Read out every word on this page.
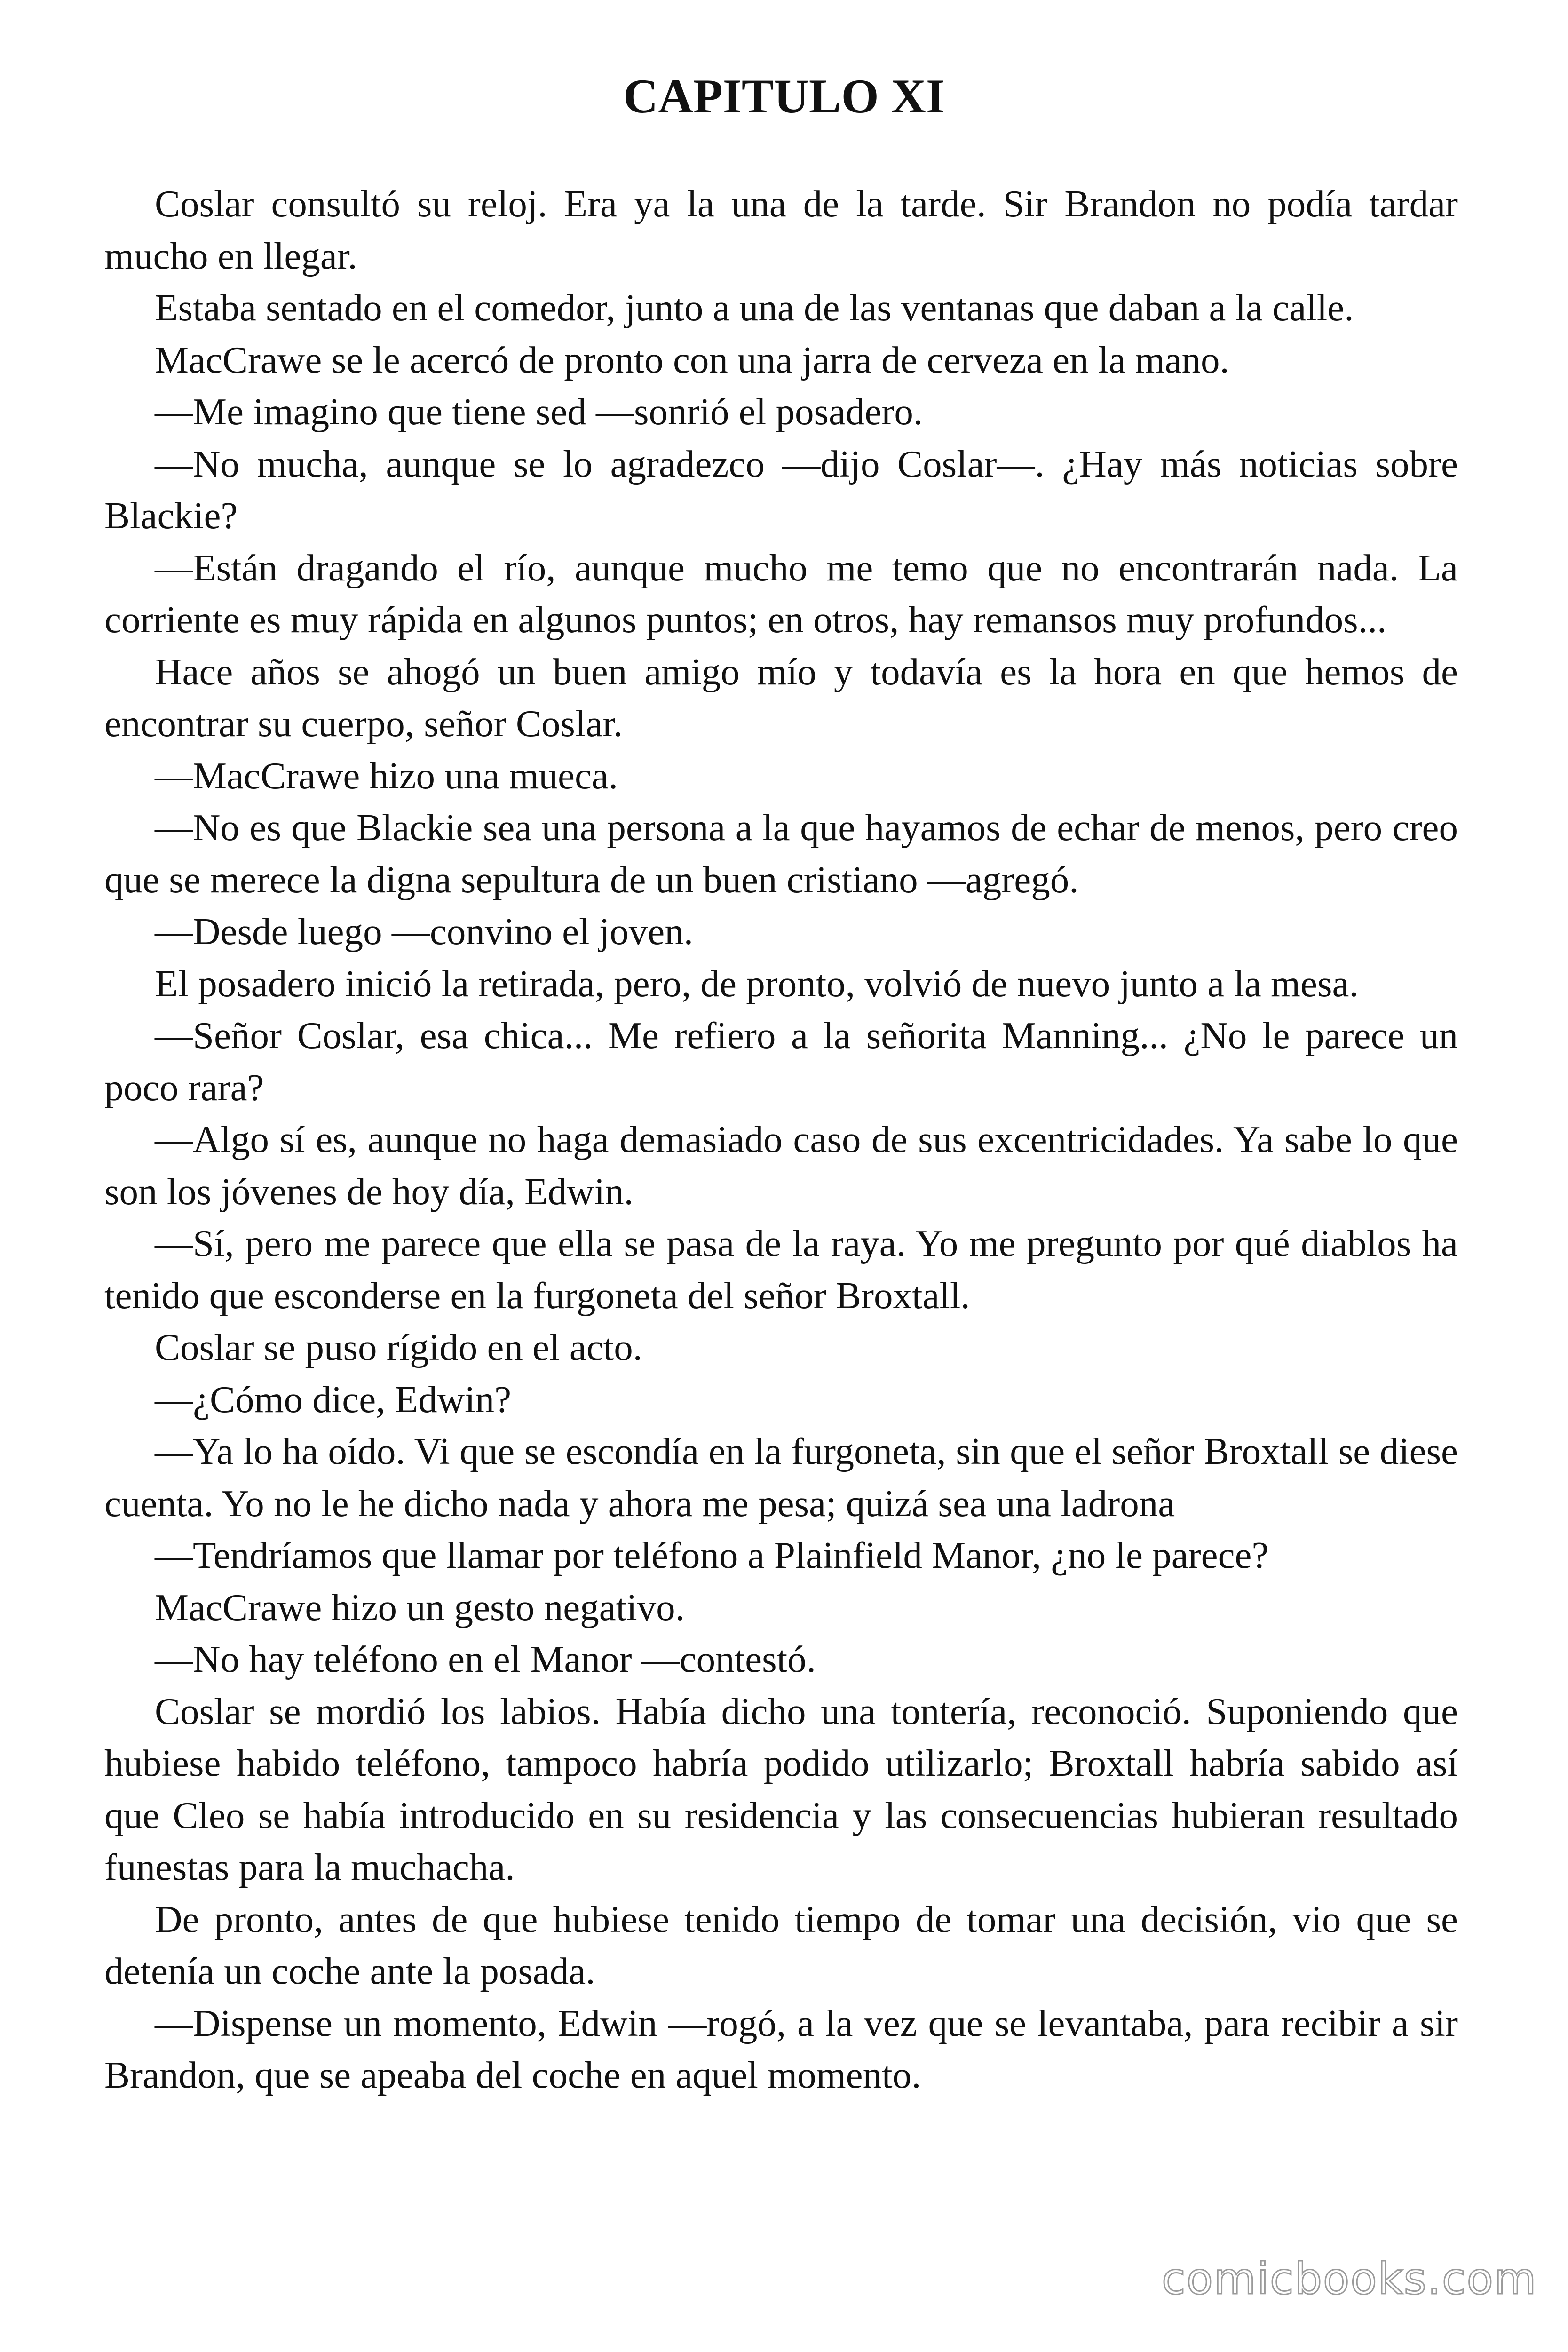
CAPITULO XI

Coslar consultó su reloj. Era ya la una de la tarde. Sir Brandon no podía tardar mucho en llegar.

Estaba sentado en el comedor, junto a una de las ventanas que daban a la calle.

MacCrawe se le acercó de pronto con una jarra de cerveza en la mano.

—Me imagino que tiene sed —sonrió el posadero.

—No mucha, aunque se lo agradezco —dijo Coslar—. ¿Hay más noticias sobre Blackie?

—Están dragando el río, aunque mucho me temo que no encontrarán nada. La corriente es muy rápida en algunos puntos; en otros, hay remansos muy profundos...

Hace años se ahogó un buen amigo mío y todavía es la hora en que hemos de encontrar su cuerpo, señor Coslar.

—MacCrawe hizo una mueca.

—No es que Blackie sea una persona a la que hayamos de echar de menos, pero creo que se merece la digna sepultura de un buen cristiano —agregó.

—Desde luego —convino el joven.

El posadero inició la retirada, pero, de pronto, volvió de nuevo junto a la mesa.

—Señor Coslar, esa chica... Me refiero a la señorita Manning... ¿No le parece un poco rara?

—Algo sí es, aunque no haga demasiado caso de sus excentricidades. Ya sabe lo que son los jóvenes de hoy día, Edwin.

—Sí, pero me parece que ella se pasa de la raya. Yo me pregunto por qué diablos ha tenido que esconderse en la furgoneta del señor Broxtall.

Coslar se puso rígido en el acto.

—¿Cómo dice, Edwin?

—Ya lo ha oído. Vi que se escondía en la furgoneta, sin que el señor Broxtall se diese cuenta. Yo no le he dicho nada y ahora me pesa; quizá sea una ladrona

—Tendríamos que llamar por teléfono a Plainfield Manor, ¿no le parece?

MacCrawe hizo un gesto negativo.

—No hay teléfono en el Manor —contestó.

Coslar se mordió los labios. Había dicho una tontería, reconoció. Suponiendo que hubiese habido teléfono, tampoco habría podido utilizarlo; Broxtall habría sabido así que Cleo se había introducido en su residencia y las consecuencias hubieran resultado funestas para la muchacha.

De pronto, antes de que hubiese tenido tiempo de tomar una decisión, vio que se detenía un coche ante la posada.

—Dispense un momento, Edwin —rogó, a la vez que se levantaba, para recibir a sir Brandon, que se apeaba del coche en aquel momento.

comicbooks.com
